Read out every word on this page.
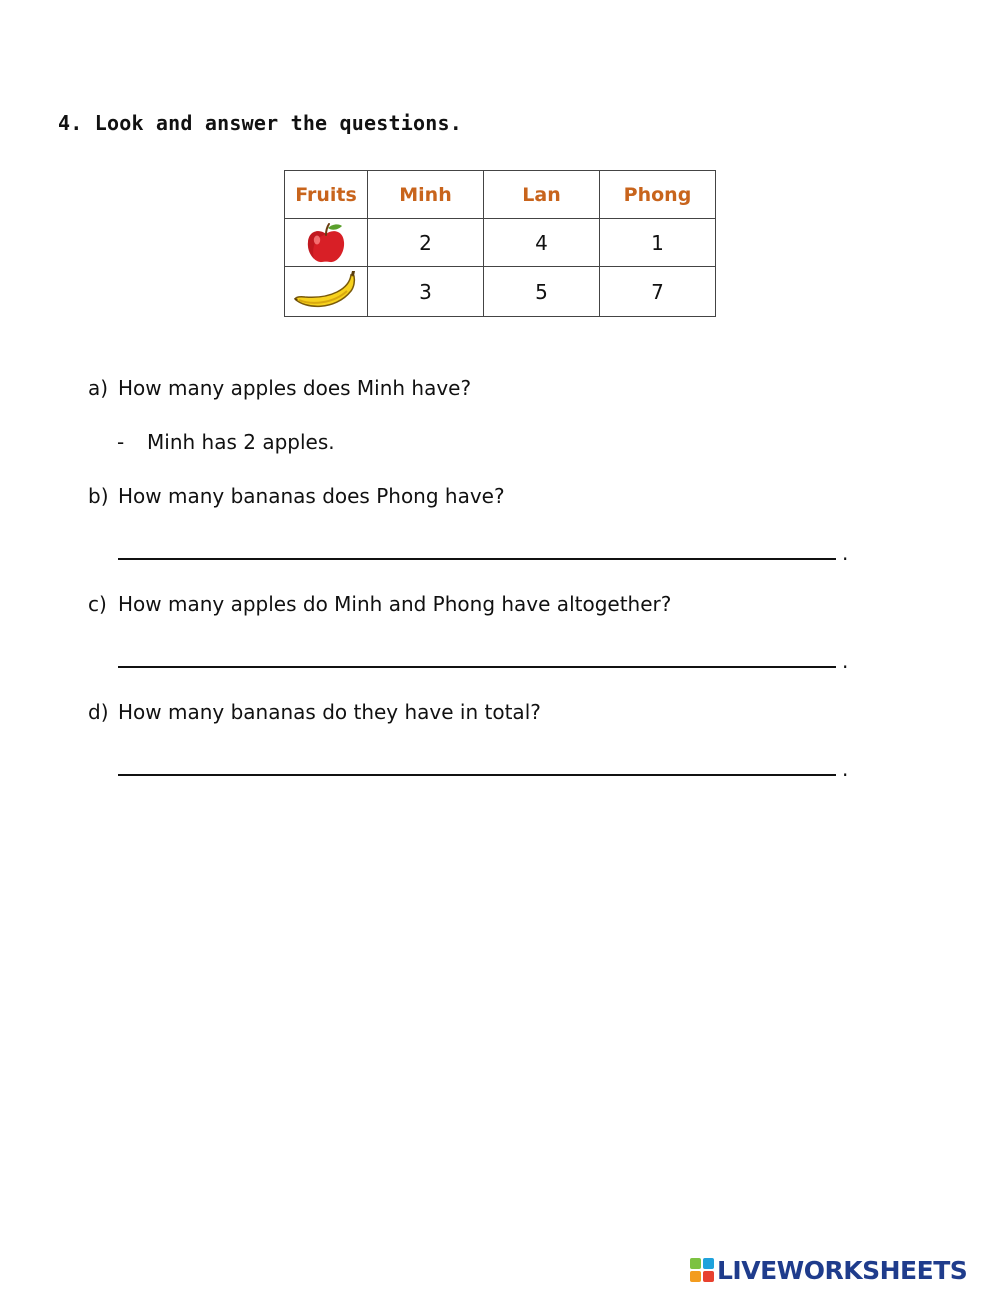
4. Look and answer the questions.

Fruits	Minh	Lan	Phong

	2	4	1

	3	5	7

a) How many apples does Minh have?

- Minh has 2 apples.

b) How many bananas does Phong have?

.

c) How many apples do Minh and Phong have altogether?

.

d) How many bananas do they have in total?

.
LIVEWORKSHEETS
